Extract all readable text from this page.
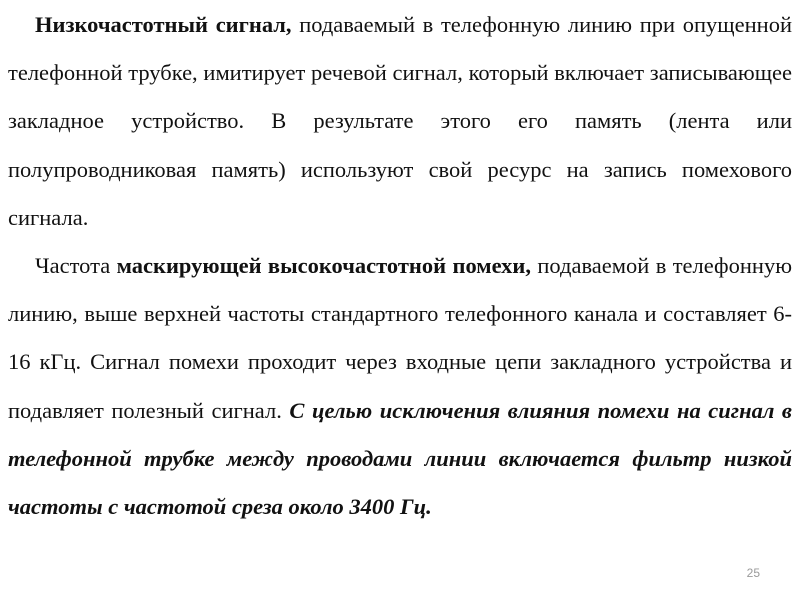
Низкочастотный сигнал, подаваемый в телефонную линию при опущенной телефонной трубке, имитирует речевой сигнал, который включает записывающее закладное устройство. В результате этого его память (лента или полупроводниковая память) используют свой ресурс на запись помехового сигнала.

Частота маскирующей высокочастотной помехи, подаваемой в телефонную линию, выше верхней частоты стандартного телефонного канала и составляет 6-16 кГц. Сигнал помехи проходит через входные цепи закладного устройства и подавляет полезный сигнал. С целью исключения влияния помехи на сигнал в телефонной трубке между проводами линии включается фильтр низкой частоты с частотой среза около 3400 Гц.

25
